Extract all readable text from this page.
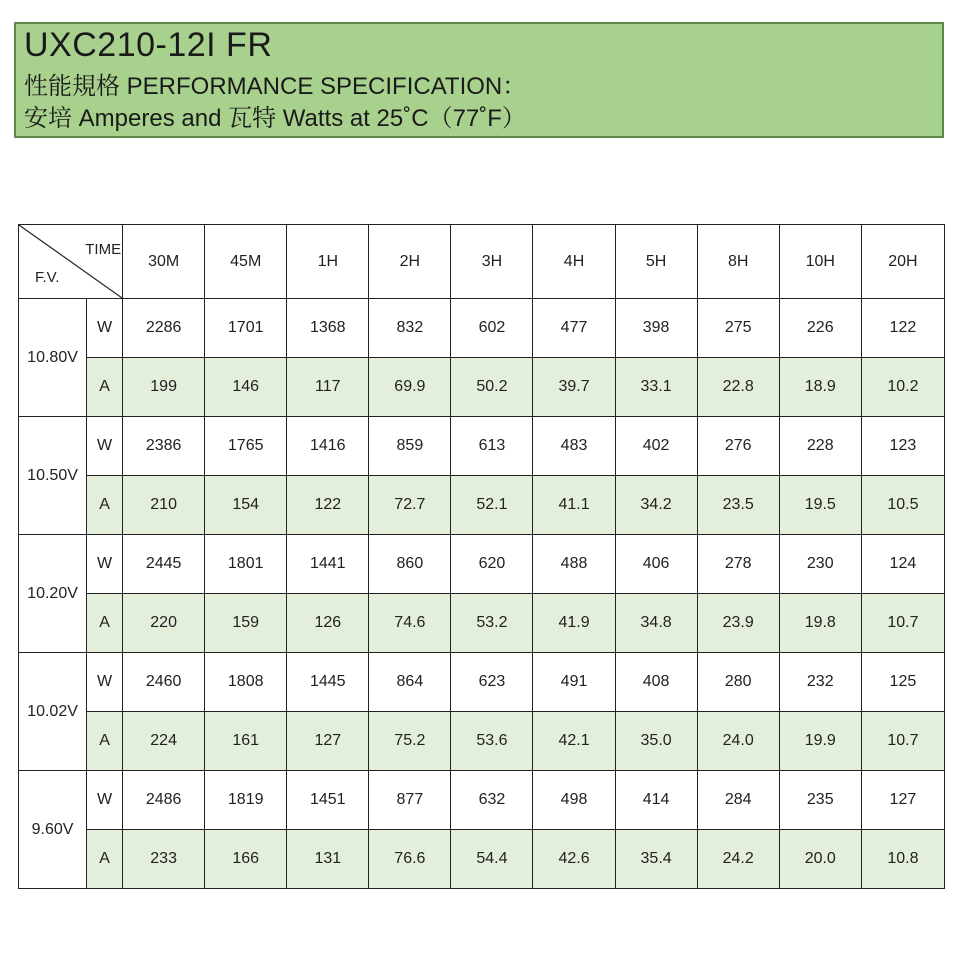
UXC210-12I FR
性能規格 PERFORMANCE SPECIFICATION：
安培 Amperes and 瓦特 Watts at 25˚C（77˚F）
TIME
F.V.		30M	45M	1H	2H	3H	4H	5H	8H	10H	20H
10.80V	W	2286	1701	1368	832	602	477	398	275	226	122
	A	199	146	117	69.9	50.2	39.7	33.1	22.8	18.9	10.2
10.50V	W	2386	1765	1416	859	613	483	402	276	228	123
	A	210	154	122	72.7	52.1	41.1	34.2	23.5	19.5	10.5
10.20V	W	2445	1801	1441	860	620	488	406	278	230	124
	A	220	159	126	74.6	53.2	41.9	34.8	23.9	19.8	10.7
10.02V	W	2460	1808	1445	864	623	491	408	280	232	125
	A	224	161	127	75.2	53.6	42.1	35.0	24.0	19.9	10.7
9.60V	W	2486	1819	1451	877	632	498	414	284	235	127
	A	233	166	131	76.6	54.4	42.6	35.4	24.2	20.0	10.8
